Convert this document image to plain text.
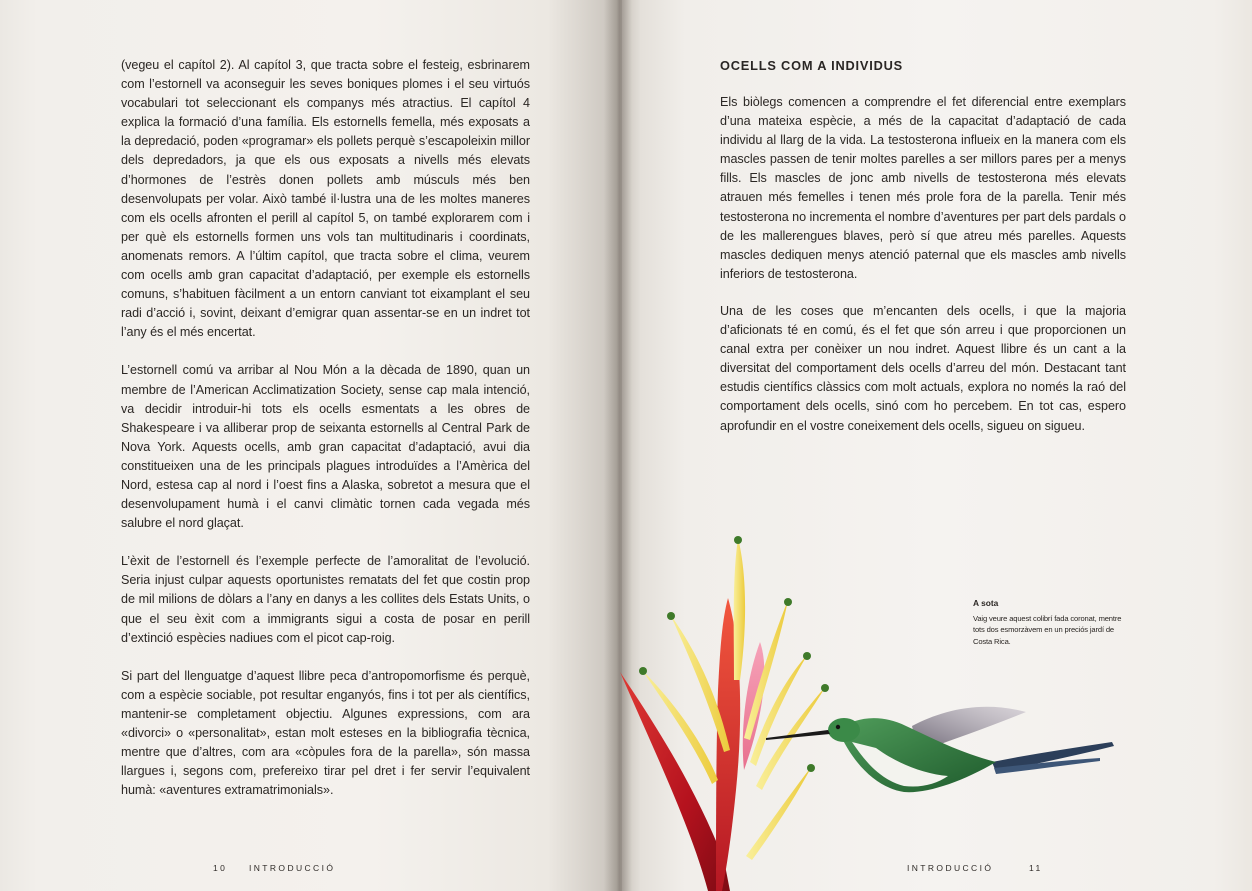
(vegeu el capítol 2). Al capítol 3, que tracta sobre el festeig, esbrinarem com l’estornell va aconseguir les seves boniques plomes i el seu virtuós vocabulari tot seleccionant els companys més atractius. El capítol 4 explica la formació d’una família. Els estornells femella, més exposats a la depredació, poden «programar» els pollets perquè s’escapoleixin millor dels depredadors, ja que els ous exposats a nivells més elevats d’hormones de l’estrès donen pollets amb músculs més ben desenvolupats per volar. Això també il·lustra una de les moltes maneres com els ocells afronten el perill al capítol 5, on també explorarem com i per què els estornells formen uns vols tan multitudinaris i coordinats, anomenats remors. A l’últim capítol, que tracta sobre el clima, veurem com ocells amb gran capacitat d’adaptació, per exemple els estornells comuns, s’habituen fàcilment a un entorn canviant tot eixamplant el seu radi d’acció i, sovint, deixant d’emigrar quan assentar-se en un indret tot l’any és el més encertat.

L’estornell comú va arribar al Nou Món a la dècada de 1890, quan un membre de l’American Acclimatization Society, sense cap mala intenció, va decidir introduir-hi tots els ocells esmentats a les obres de Shakespeare i va alliberar prop de seixanta estornells al Central Park de Nova York. Aquests ocells, amb gran capacitat d’adaptació, avui dia constitueixen una de les principals plagues introduïdes a l’Amèrica del Nord, estesa cap al nord i l’oest fins a Alaska, sobretot a mesura que el desenvolupament humà i el canvi climàtic tornen cada vegada més salubre el nord glaçat.

L’èxit de l’estornell és l’exemple perfecte de l’amoralitat de l’evolució. Seria injust culpar aquests oportunistes rematats del fet que costin prop de mil milions de dòlars a l’any en danys a les collites dels Estats Units, o que el seu èxit com a immigrants sigui a costa de posar en perill d’extinció espècies nadiues com el picot cap-roig.

Si part del llenguatge d’aquest llibre peca d’antropomorfisme és perquè, com a espècie sociable, pot resultar enganyós, fins i tot per als científics, mantenir-se completament objectiu. Algunes expressions, com ara «divorci» o «personalitat», estan molt esteses en la bibliografia tècnica, mentre que d’altres, com ara «còpules fora de la parella», són massa llargues i, segons com, prefereixo tirar pel dret i fer servir l’equivalent humà: «aventures extramatrimonials».

10	INTRODUCCIÓ
OCELLS COM A INDIVIDUS

Els biòlegs comencen a comprendre el fet diferencial entre exemplars d’una mateixa espècie, a més de la capacitat d’adaptació de cada individu al llarg de la vida. La testosterona influeix en la manera com els mascles passen de tenir moltes parelles a ser millors pares per a menys fills. Els mascles de jonc amb nivells de testosterona més elevats atrauen més femelles i tenen més prole fora de la parella. Tenir més testosterona no incrementa el nombre d’aventures per part dels pardals o de les mallerengues blaves, però sí que atreu més parelles. Aquests mascles dediquen menys atenció paternal que els mascles amb nivells inferiors de testosterona.

Una de les coses que m’encanten dels ocells, i que la majoria d’aficionats té en comú, és el fet que són arreu i que proporcionen un canal extra per conèixer un nou indret. Aquest llibre és un cant a la diversitat del comportament dels ocells d’arreu del món. Destacant tant estudis científics clàssics com molt actuals, explora no només la raó del comportament dels ocells, sinó com ho percebem. En tot cas, espero aprofundir en el vostre coneixement dels ocells, sigueu on sigueu.

A sota
Vaig veure aquest colibrí fada coronat, mentre tots dos esmorzàvem en un preciós jardí de Costa Rica.
INTRODUCCIÓ	11
